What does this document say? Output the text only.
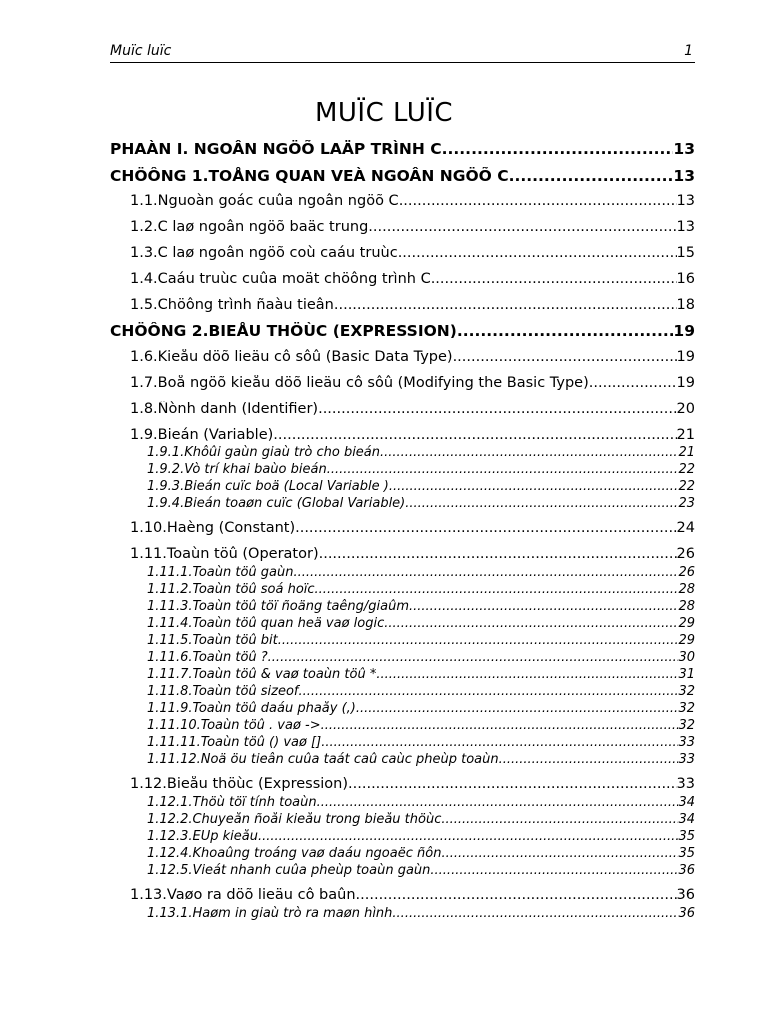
Muïc luïc	1
MUÏC LUÏC
PHAÀN I. NGOÂN NGÖÕ LAÄP TRÌNH C .....	13
CHÖÔNG 1.TOÅNG QUAN VEÀ NGOÂN NGÖÕ C .....	13
1.1.Nguoàn goác cuûa ngoân ngöõ C .....	13
1.2.C laø ngoân ngöõ baäc trung .....	13
1.3.C laø ngoân ngöõ coù caáu truùc .....	15
1.4.Caáu truùc cuûa moät chöông trình C .....	16
1.5.Chöông trình ñaàu tieân .....	18
CHÖÔNG 2.BIEÅU THÖÙC (EXPRESSION) .....	19
1.6.Kieåu döõ lieäu cô sôû (Basic Data Type) .....	19
1.7.Boå ngöõ kieåu döõ lieäu cô sôû (Modifying the Basic Type) .....	19
1.8.Ñònh danh (Identifier) .....	20
1.9.Bieán (Variable) .....	21
1.9.1.Khôûi gaùn giaù trò cho bieán .....	21
1.9.2.Vò trí khai baùo bieán .....	22
1.9.3.Bieán cuïc boä (Local Variable ) .....	22
1.9.4.Bieán toaøn cuïc (Global Variable) .....	23
1.10.Haèng (Constant) .....	24
1.11.Toaùn töû (Operator) .....	26
1.11.1.Toaùn töû gaùn .....	26
1.11.2.Toaùn töû soá hoïc .....	28
1.11.3.Toaùn töû töï ñoäng taêng/giaûm .....	28
1.11.4.Toaùn töû quan heä vaø logic .....	29
1.11.5.Toaùn töû bit .....	29
1.11.6.Toaùn töû ? .....	30
1.11.7.Toaùn töû & vaø toaùn töû * .....	31
1.11.8.Toaùn töû sizeof .....	32
1.11.9.Toaùn töû daáu phaåy (,) .....	32
1.11.10.Toaùn töû . vaø -> .....	32
1.11.11.Toaùn töû () vaø [] .....	33
1.11.12.Ñoä öu tieân cuûa taát caû caùc pheùp toaùn .....	33
1.12.Bieåu thöùc (Expression) .....	33
1.12.1.Thöù töï tính toaùn .....	34
1.12.2.Chuyeån ñoåi kieåu trong bieåu thöùc .....	34
1.12.3.EÙp kieåu .....	35
1.12.4.Khoaûng troáng vaø daáu ngoaëc ñôn .....	35
1.12.5.Vieát nhanh cuûa pheùp toaùn gaùn .....	36
1.13.Vaøo ra döõ lieäu cô baûn .....	36
1.13.1.Haøm in giaù trò ra maøn hình .....	36
